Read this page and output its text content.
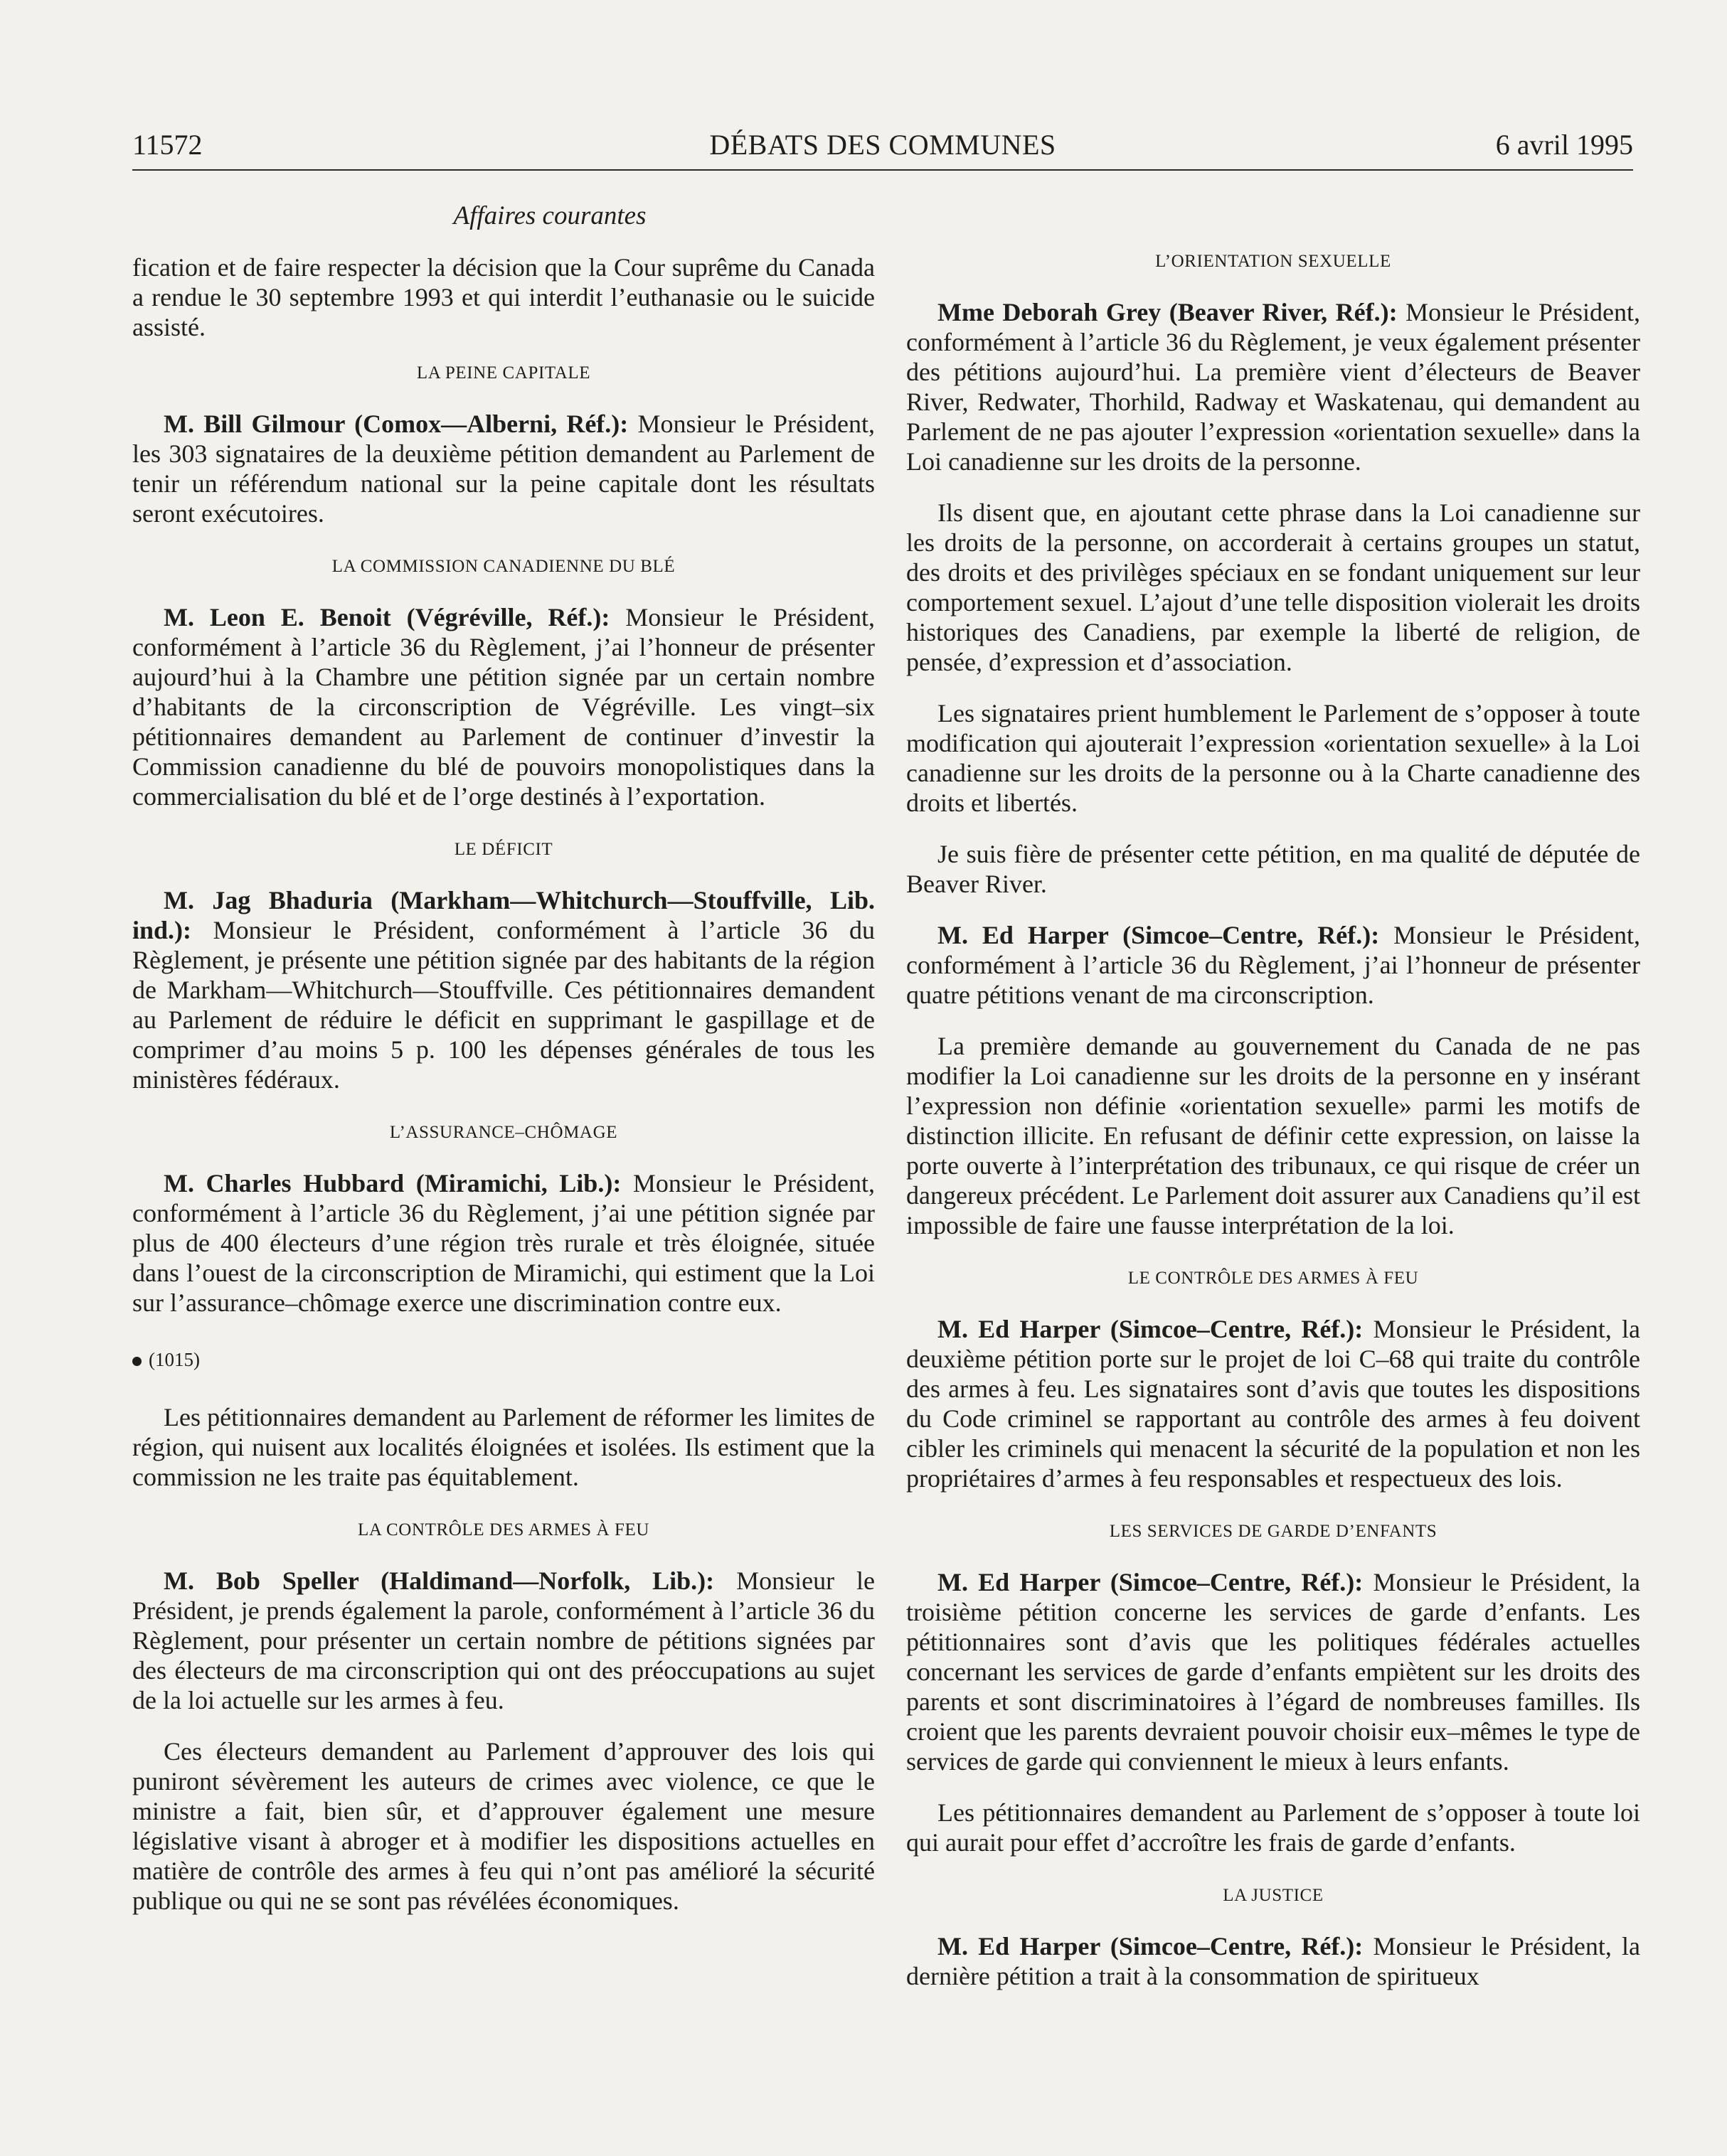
11572	DÉBATS DES COMMUNES	6 avril 1995
Affaires courantes

fication et de faire respecter la décision que la Cour suprême du Canada a rendue le 30 septembre 1993 et qui interdit l’euthanasie ou le suicide assisté.

LA PEINE CAPITALE

M. Bill Gilmour (Comox—Alberni, Réf.): Monsieur le Président, les 303 signataires de la deuxième pétition demandent au Parlement de tenir un référendum national sur la peine capitale dont les résultats seront exécutoires.

LA COMMISSION CANADIENNE DU BLÉ

M. Leon E. Benoit (Végréville, Réf.): Monsieur le Président, conformément à l’article 36 du Règlement, j’ai l’honneur de présenter aujourd’hui à la Chambre une pétition signée par un certain nombre d’habitants de la circonscription de Végréville. Les vingt–six pétitionnaires demandent au Parlement de continuer d’investir la Commission canadienne du blé de pouvoirs monopolistiques dans la commercialisation du blé et de l’orge destinés à l’exportation.

LE DÉFICIT

M. Jag Bhaduria (Markham—Whitchurch—Stouffville, Lib. ind.): Monsieur le Président, conformément à l’article 36 du Règlement, je présente une pétition signée par des habitants de la région de Markham—Whitchurch—Stouffville. Ces pétitionnaires demandent au Parlement de réduire le déficit en supprimant le gaspillage et de comprimer d’au moins 5 p. 100 les dépenses générales de tous les ministères fédéraux.

L’ASSURANCE–CHÔMAGE

M. Charles Hubbard (Miramichi, Lib.): Monsieur le Président, conformément à l’article 36 du Règlement, j’ai une pétition signée par plus de 400 électeurs d’une région très rurale et très éloignée, située dans l’ouest de la circonscription de Miramichi, qui estiment que la Loi sur l’assurance–chômage exerce une discrimination contre eux.

(1015)

Les pétitionnaires demandent au Parlement de réformer les limites de région, qui nuisent aux localités éloignées et isolées. Ils estiment que la commission ne les traite pas équitablement.

LA CONTRÔLE DES ARMES À FEU

M. Bob Speller (Haldimand—Norfolk, Lib.): Monsieur le Président, je prends également la parole, conformément à l’article 36 du Règlement, pour présenter un certain nombre de pétitions signées par des électeurs de ma circonscription qui ont des préoccupations au sujet de la loi actuelle sur les armes à feu.

Ces électeurs demandent au Parlement d’approuver des lois qui puniront sévèrement les auteurs de crimes avec violence, ce que le ministre a fait, bien sûr, et d’approuver également une mesure législative visant à abroger et à modifier les dispositions actuelles en matière de contrôle des armes à feu qui n’ont pas amélioré la sécurité publique ou qui ne se sont pas révélées économiques.

L’ORIENTATION SEXUELLE

Mme Deborah Grey (Beaver River, Réf.): Monsieur le Président, conformément à l’article 36 du Règlement, je veux également présenter des pétitions aujourd’hui. La première vient d’électeurs de Beaver River, Redwater, Thorhild, Radway et Waskatenau, qui demandent au Parlement de ne pas ajouter l’expression «orientation sexuelle» dans la Loi canadienne sur les droits de la personne.

Ils disent que, en ajoutant cette phrase dans la Loi canadienne sur les droits de la personne, on accorderait à certains groupes un statut, des droits et des privilèges spéciaux en se fondant uniquement sur leur comportement sexuel. L’ajout d’une telle disposition violerait les droits historiques des Canadiens, par exemple la liberté de religion, de pensée, d’expression et d’association.

Les signataires prient humblement le Parlement de s’opposer à toute modification qui ajouterait l’expression «orientation sexuelle» à la Loi canadienne sur les droits de la personne ou à la Charte canadienne des droits et libertés.

Je suis fière de présenter cette pétition, en ma qualité de députée de Beaver River.

M. Ed Harper (Simcoe–Centre, Réf.): Monsieur le Président, conformément à l’article 36 du Règlement, j’ai l’honneur de présenter quatre pétitions venant de ma circonscription.

La première demande au gouvernement du Canada de ne pas modifier la Loi canadienne sur les droits de la personne en y insérant l’expression non définie «orientation sexuelle» parmi les motifs de distinction illicite. En refusant de définir cette expression, on laisse la porte ouverte à l’interprétation des tribunaux, ce qui risque de créer un dangereux précédent. Le Parlement doit assurer aux Canadiens qu’il est impossible de faire une fausse interprétation de la loi.

LE CONTRÔLE DES ARMES À FEU

M. Ed Harper (Simcoe–Centre, Réf.): Monsieur le Président, la deuxième pétition porte sur le projet de loi C–68 qui traite du contrôle des armes à feu. Les signataires sont d’avis que toutes les dispositions du Code criminel se rapportant au contrôle des armes à feu doivent cibler les criminels qui menacent la sécurité de la population et non les propriétaires d’armes à feu responsables et respectueux des lois.

LES SERVICES DE GARDE D’ENFANTS

M. Ed Harper (Simcoe–Centre, Réf.): Monsieur le Président, la troisième pétition concerne les services de garde d’enfants. Les pétitionnaires sont d’avis que les politiques fédérales actuelles concernant les services de garde d’enfants empiètent sur les droits des parents et sont discriminatoires à l’égard de nombreuses familles. Ils croient que les parents devraient pouvoir choisir eux–mêmes le type de services de garde qui conviennent le mieux à leurs enfants.

Les pétitionnaires demandent au Parlement de s’opposer à toute loi qui aurait pour effet d’accroître les frais de garde d’enfants.

LA JUSTICE

M. Ed Harper (Simcoe–Centre, Réf.): Monsieur le Président, la dernière pétition a trait à la consommation de spiritueux
